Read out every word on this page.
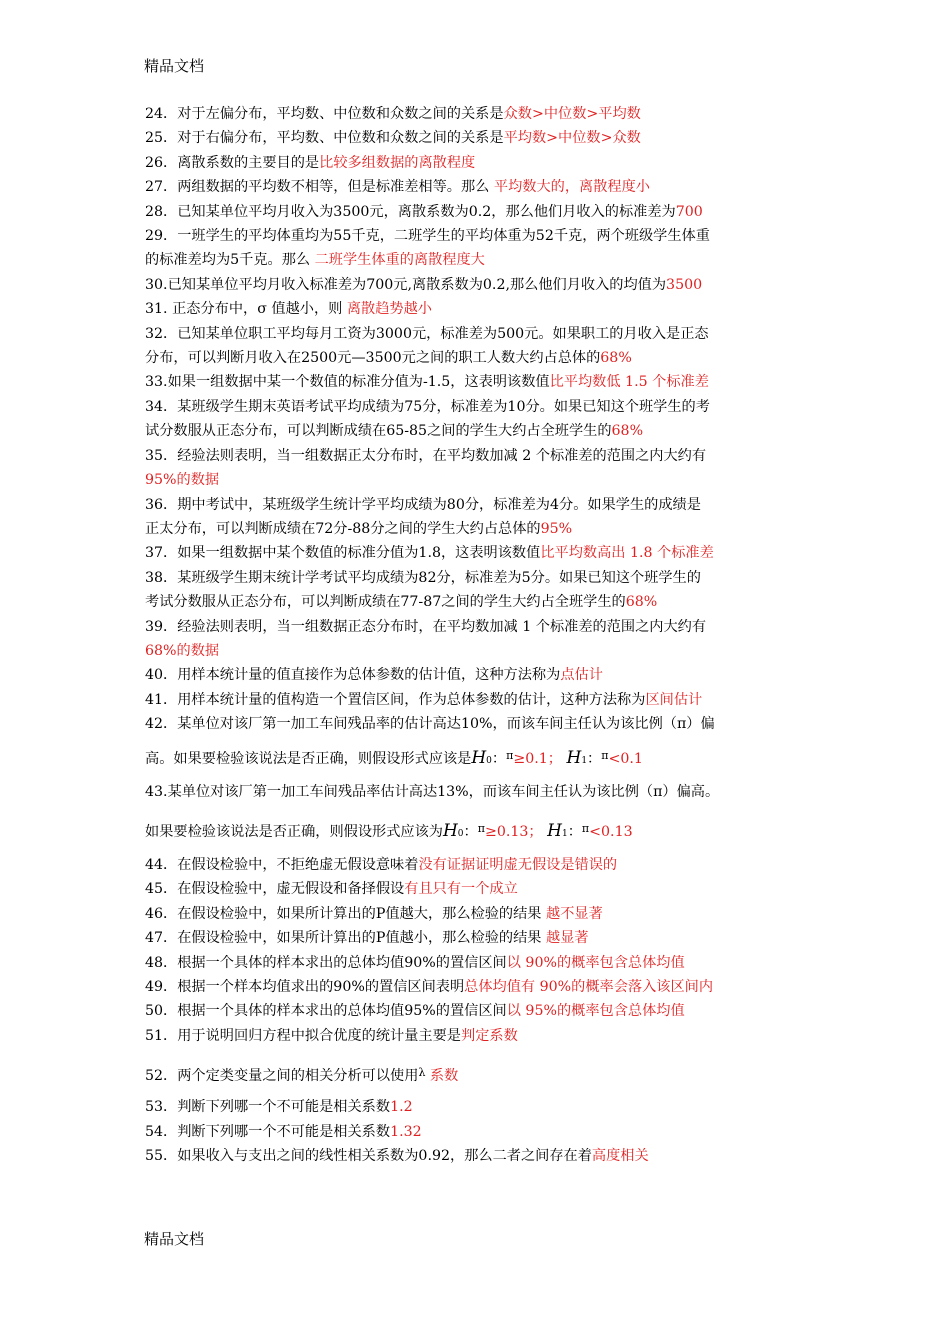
精品文档
24．对于左偏分布，平均数、中位数和众数之间的关系是众数>中位数>平均数
25．对于右偏分布，平均数、中位数和众数之间的关系是平均数>中位数>众数
26．离散系数的主要目的是比较多组数据的离散程度
27．两组数据的平均数不相等，但是标准差相等。那么 平均数大的，离散程度小
28．已知某单位平均月收入为3500元，离散系数为0.2，那么他们月收入的标准差为700
29．一班学生的平均体重均为55千克，二班学生的平均体重为52千克，两个班级学生体重
的标准差均为5千克。那么 二班学生体重的离散程度大
30.已知某单位平均月收入标准差为700元,离散系数为0.2,那么他们月收入的均值为3500
31. 正态分布中，σ 值越小，则 离散趋势越小
32．已知某单位职工平均每月工资为3000元，标准差为500元。如果职工的月收入是正态
分布，可以判断月收入在2500元—3500元之间的职工人数大约占总体的68%
33.如果一组数据中某一个数值的标准分值为-1.5，这表明该数值比平均数低 1.5 个标准差
34．某班级学生期末英语考试平均成绩为75分，标准差为10分。如果已知这个班学生的考
试分数服从正态分布，可以判断成绩在65-85之间的学生大约占全班学生的68%
35．经验法则表明，当一组数据正太分布时，在平均数加减 2 个标准差的范围之内大约有
95%的数据
36．期中考试中，某班级学生统计学平均成绩为80分，标准差为4分。如果学生的成绩是
正太分布，可以判断成绩在72分-88分之间的学生大约占总体的95%
37．如果一组数据中某个数值的标准分值为1.8，这表明该数值比平均数高出 1.8 个标准差
38．某班级学生期末统计学考试平均成绩为82分，标准差为5分。如果已知这个班学生的
考试分数服从正态分布，可以判断成绩在77-87之间的学生大约占全班学生的68%
39．经验法则表明，当一组数据正态分布时，在平均数加减 1 个标准差的范围之内大约有
68%的数据
40．用样本统计量的值直接作为总体参数的估计值，这种方法称为点估计
41．用样本统计量的值构造一个置信区间，作为总体参数的估计，这种方法称为区间估计
42．某单位对该厂第一加工车间残品率的估计高达10%，而该车间主任认为该比例（π）偏
高。如果要检验该说法是否正确，则假设形式应该是H0：$^\pi$≥0.1； H1：$^\pi$<0.1
43.某单位对该厂第一加工车间残品率估计高达13%，而该车间主任认为该比例（π）偏高。
如果要检验该说法是否正确，则假设形式应该为H0：$^\pi$≥0.13； H1：$^\pi$<0.13
44．在假设检验中，不拒绝虚无假设意味着没有证据证明虚无假设是错误的
45．在假设检验中，虚无假设和备择假设有且只有一个成立
46．在假设检验中，如果所计算出的P值越大，那么检验的结果 越不显著
47．在假设检验中，如果所计算出的P值越小，那么检验的结果 越显著
48．根据一个具体的样本求出的总体均值90%的置信区间以 90%的概率包含总体均值
49．根据一个样本均值求出的90%的置信区间表明总体均值有 90%的概率会落入该区间内
50．根据一个具体的样本求出的总体均值95%的置信区间以 95%的概率包含总体均值
51．用于说明回归方程中拟合优度的统计量主要是判定系数
52．两个定类变量之间的相关分析可以使用$^\lambda$ 系数
53．判断下列哪一个不可能是相关系数1.2
54．判断下列哪一个不可能是相关系数1.32
55．如果收入与支出之间的线性相关系数为0.92，那么二者之间存在着高度相关
精品文档
